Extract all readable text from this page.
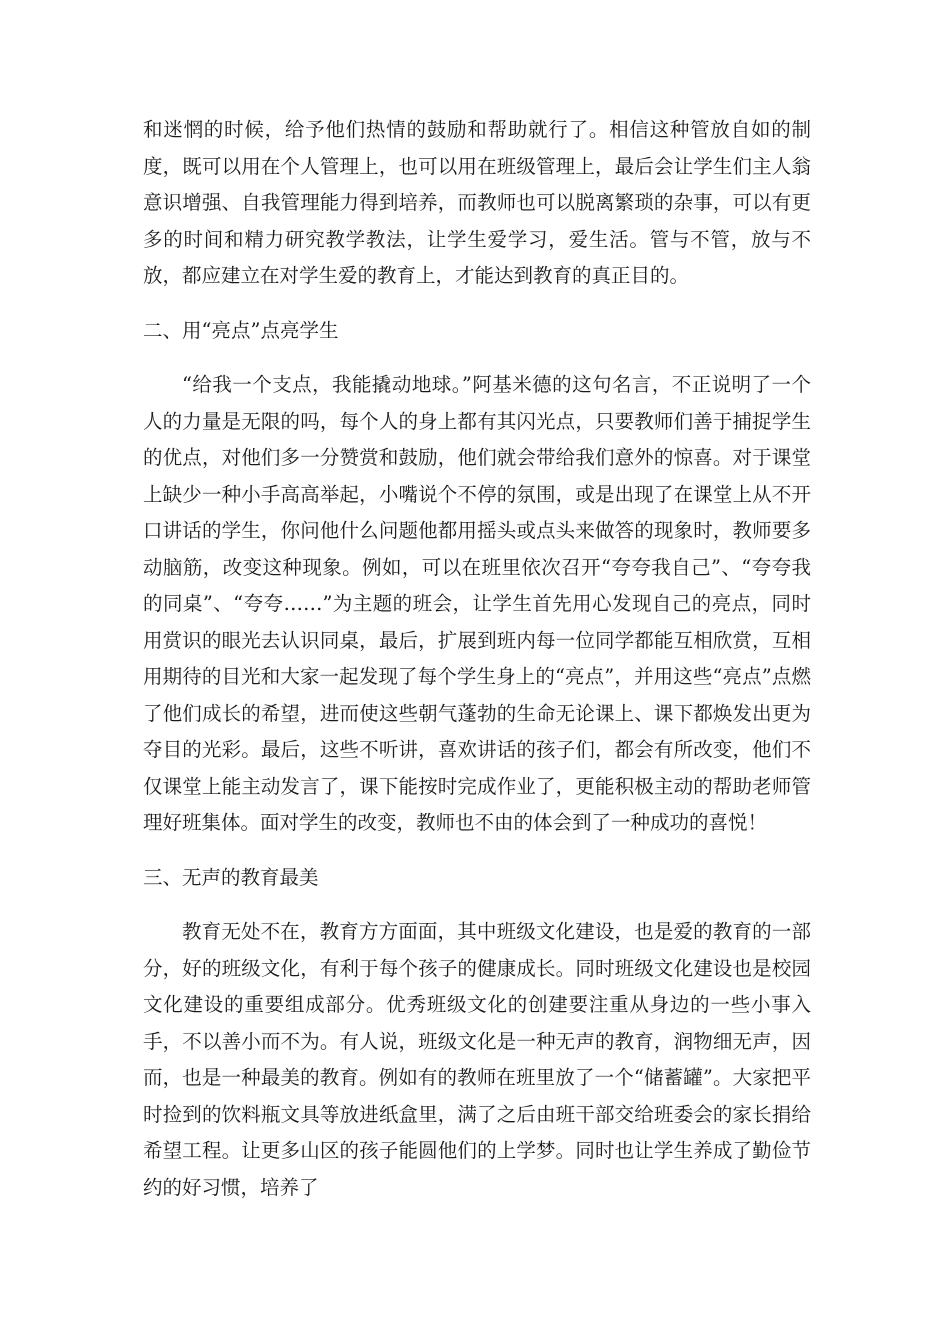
和迷惘的时候，给予他们热情的鼓励和帮助就行了。相信这种管放自如的制度，既可以用在个人管理上，也可以用在班级管理上，最后会让学生们主人翁意识增强、自我管理能力得到培养，而教师也可以脱离繁琐的杂事，可以有更多的时间和精力研究教学教法，让学生爱学习，爱生活。管与不管，放与不放，都应建立在对学生爱的教育上，才能达到教育的真正目的。

二、用“亮点”点亮学生

“给我一个支点，我能撬动地球。”阿基米德的这句名言，不正说明了一个人的力量是无限的吗，每个人的身上都有其闪光点，只要教师们善于捕捉学生的优点，对他们多一分赞赏和鼓励，他们就会带给我们意外的惊喜。对于课堂上缺少一种小手高高举起，小嘴说个不停的氛围，或是出现了在课堂上从不开口讲话的学生，你问他什么问题他都用摇头或点头来做答的现象时，教师要多动脑筋，改变这种现象。例如，可以在班里依次召开“夸夸我自己”、“夸夸我的同桌”、“夸夸……”为主题的班会，让学生首先用心发现自己的亮点，同时用赏识的眼光去认识同桌，最后，扩展到班内每一位同学都能互相欣赏，互相用期待的目光和大家一起发现了每个学生身上的“亮点”，并用这些“亮点”点燃了他们成长的希望，进而使这些朝气蓬勃的生命无论课上、课下都焕发出更为夺目的光彩。最后，这些不听讲，喜欢讲话的孩子们，都会有所改变，他们不仅课堂上能主动发言了，课下能按时完成作业了，更能积极主动的帮助老师管理好班集体。面对学生的改变，教师也不由的体会到了一种成功的喜悦！

三、无声的教育最美

教育无处不在，教育方方面面，其中班级文化建设，也是爱的教育的一部分，好的班级文化，有利于每个孩子的健康成长。同时班级文化建设也是校园文化建设的重要组成部分。优秀班级文化的创建要注重从身边的一些小事入手，不以善小而不为。有人说，班级文化是一种无声的教育，润物细无声，因而，也是一种最美的教育。例如有的教师在班里放了一个“储蓄罐”。大家把平时捡到的饮料瓶文具等放进纸盒里，满了之后由班干部交给班委会的家长捐给希望工程。让更多山区的孩子能圆他们的上学梦。同时也让学生养成了勤俭节约的好习惯，培养了
